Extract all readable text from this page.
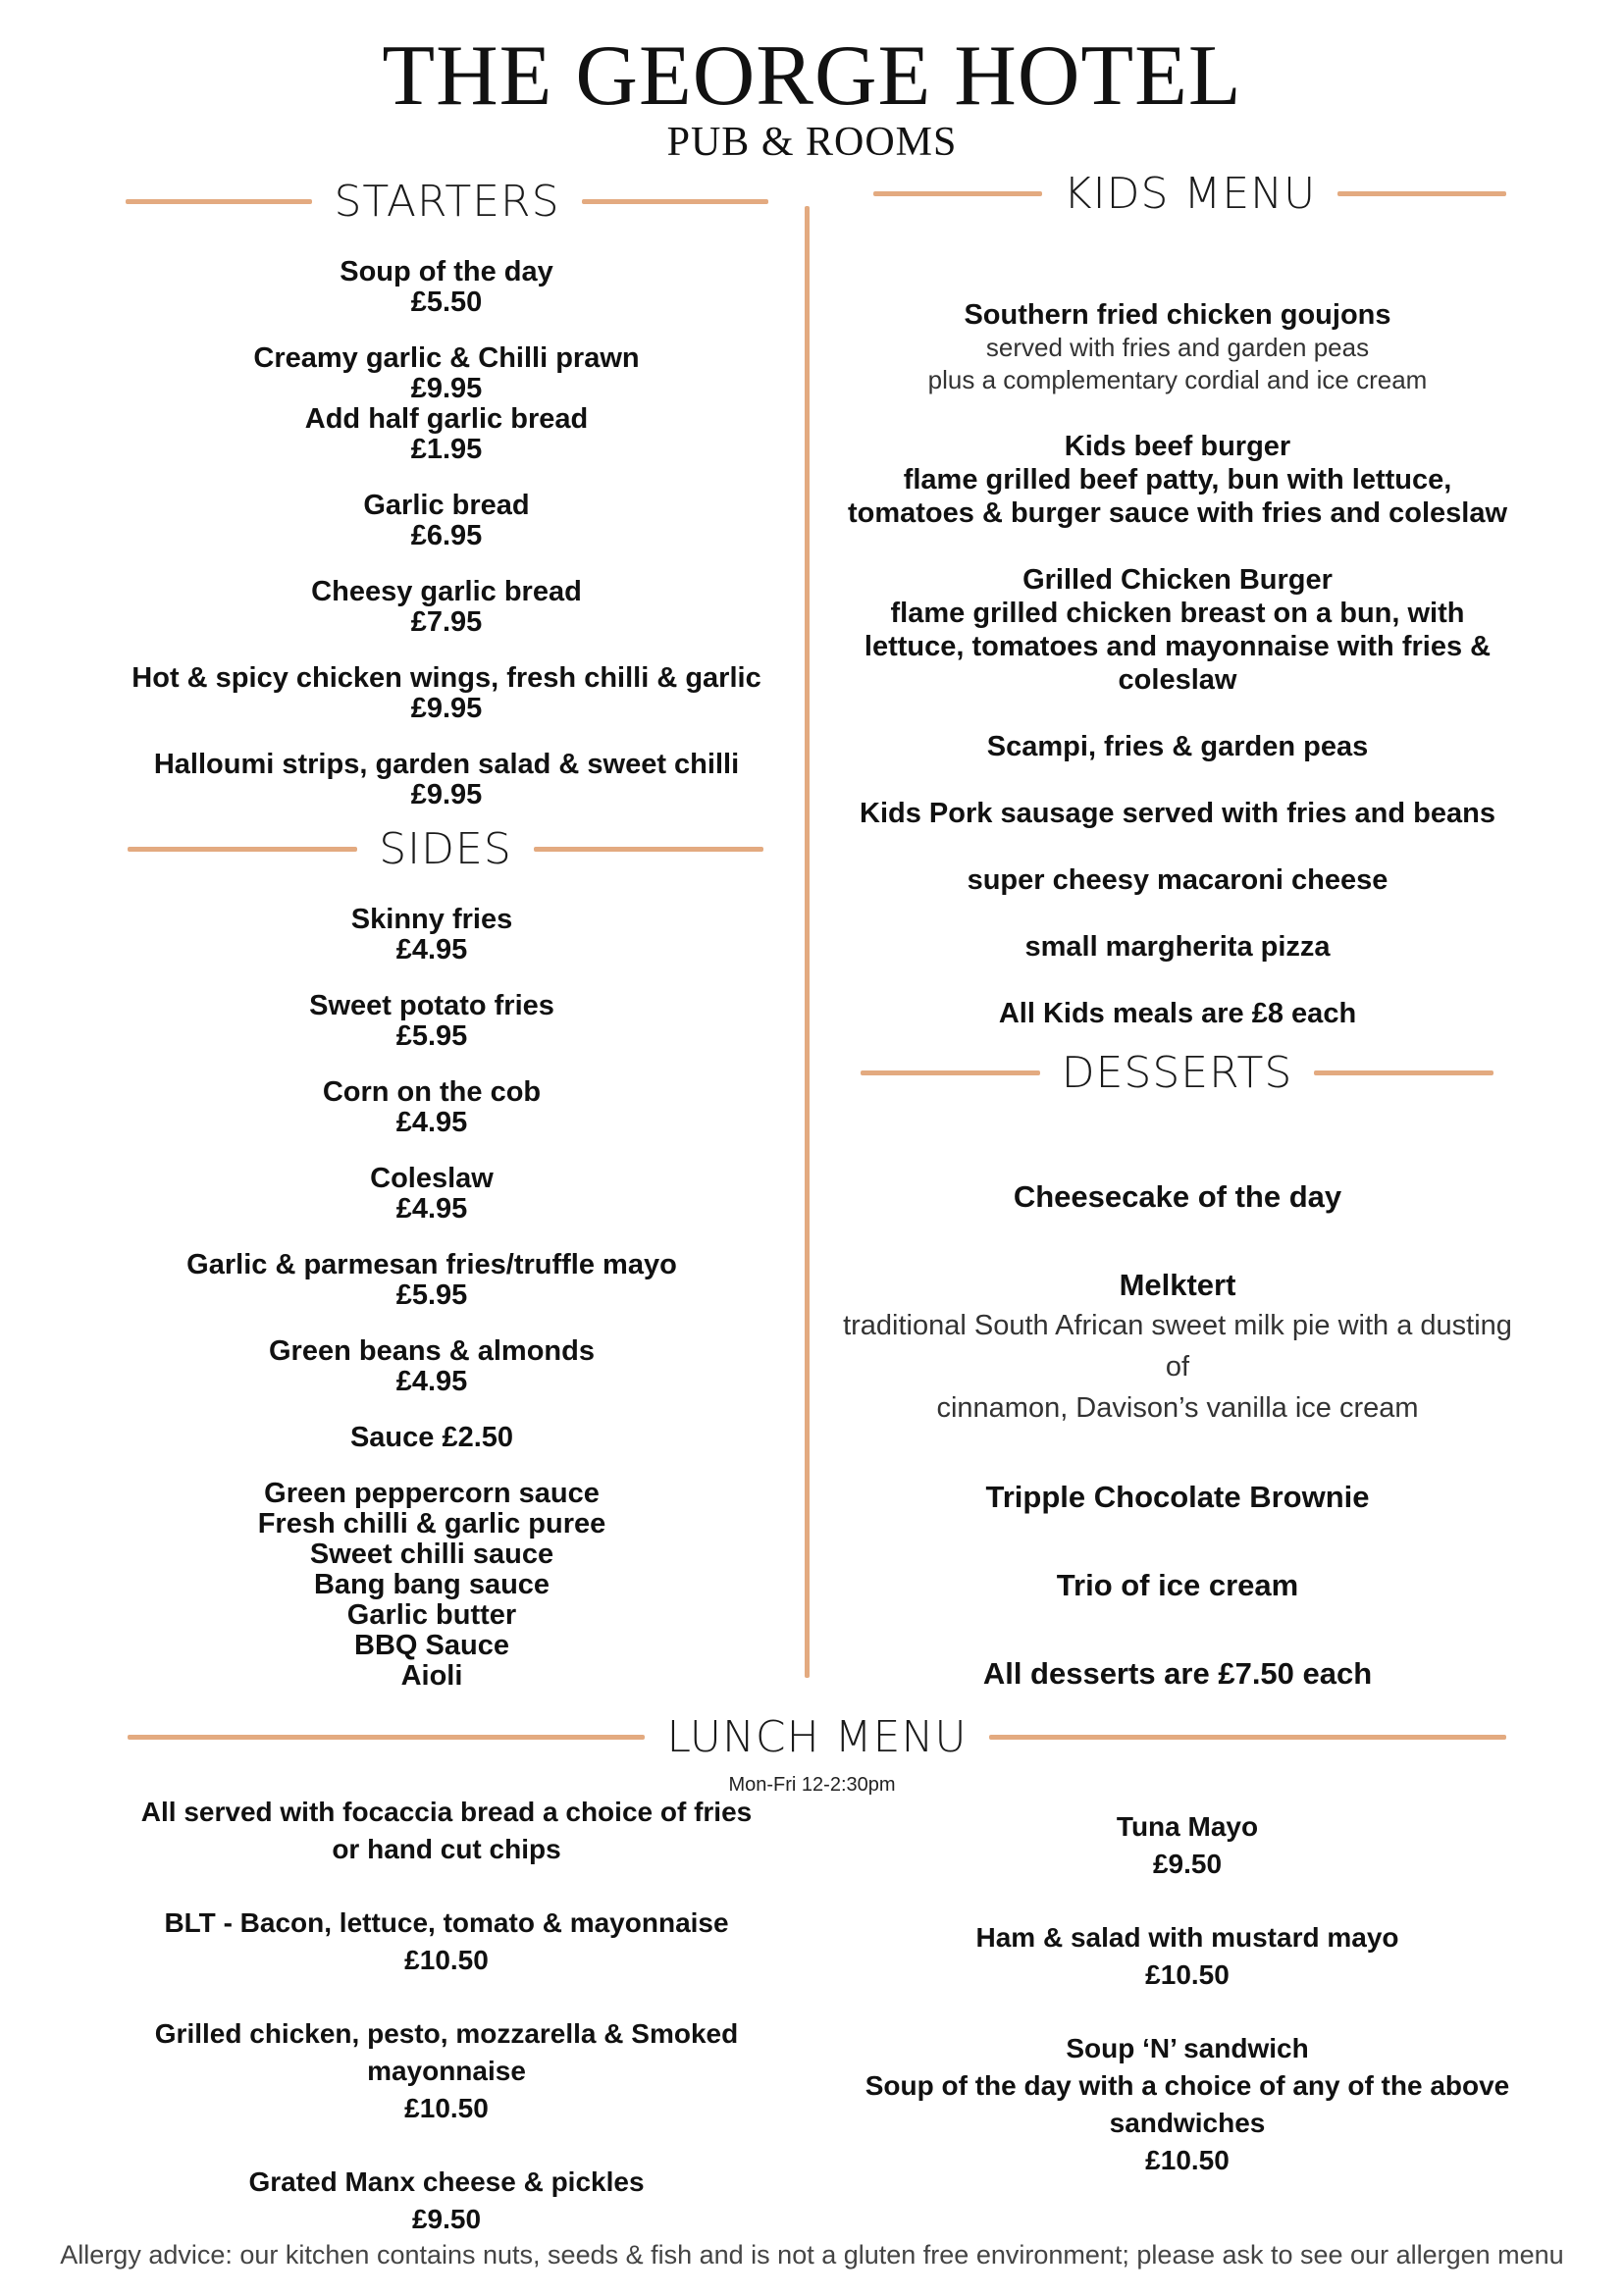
THE GEORGE HOTEL
PUB & ROOMS
STARTERS
Soup of the day
£5.50
Creamy garlic & Chilli prawn
£9.95
Add half garlic bread
£1.95
Garlic bread
£6.95
Cheesy garlic bread
£7.95
Hot & spicy chicken wings, fresh chilli & garlic
£9.95
Halloumi strips, garden salad & sweet chilli
£9.95
SIDES
Skinny fries
£4.95
Sweet potato fries
£5.95
Corn on the cob
£4.95
Coleslaw
£4.95
Garlic & parmesan fries/truffle mayo
£5.95
Green beans & almonds
£4.95
Sauce £2.50
Green peppercorn sauce
Fresh chilli & garlic puree
Sweet chilli sauce
Bang bang sauce
Garlic butter
BBQ Sauce
Aioli
KIDS MENU
Southern fried chicken goujons
served with fries and garden peas
plus a complementary cordial and ice cream
Kids beef burger
flame grilled beef patty, bun with lettuce,
tomatoes & burger sauce with fries and coleslaw
Grilled Chicken Burger
flame grilled chicken breast on a bun, with
lettuce, tomatoes and mayonnaise with fries &
coleslaw
Scampi, fries & garden peas
Kids Pork sausage served with fries and beans
super cheesy macaroni cheese
small margherita pizza
All Kids meals are £8 each
DESSERTS
Cheesecake of the day
Melktert
traditional South African sweet milk pie with a dusting of
cinnamon, Davison’s vanilla ice cream
Tripple Chocolate Brownie
Trio of ice cream
All desserts are £7.50 each
LUNCH MENU
Mon-Fri 12-2:30pm
All served with focaccia bread a choice of fries
or hand cut chips
BLT - Bacon, lettuce, tomato & mayonnaise
£10.50
Grilled chicken, pesto, mozzarella & Smoked
mayonnaise
£10.50
Grated Manx cheese & pickles
£9.50
Tuna Mayo
£9.50
Ham & salad with mustard mayo
£10.50
Soup ‘N’ sandwich
Soup of the day with a choice of any of the above
sandwiches
£10.50
Allergy advice: our kitchen contains nuts, seeds & fish and is not a gluten free environment; please ask to see our allergen menu
